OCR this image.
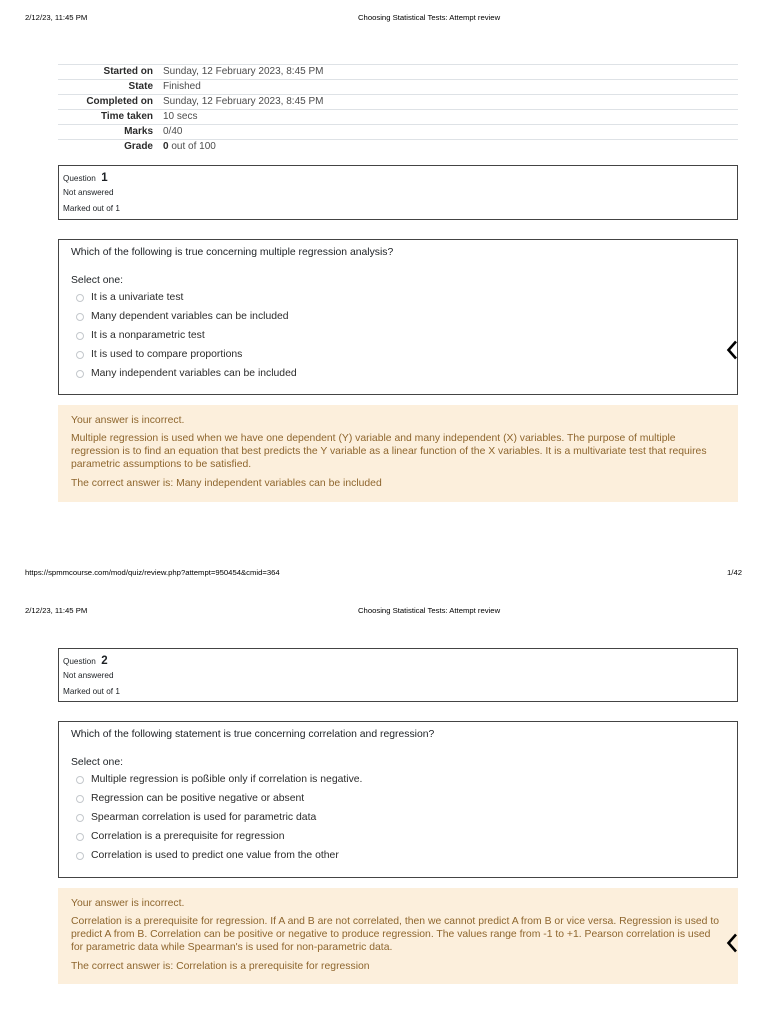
2/12/23, 11:45 PM	Choosing Statistical Tests: Attempt review
Started on Sunday, 12 February 2023, 8:45 PM
State Finished
Completed on Sunday, 12 February 2023, 8:45 PM
Time taken 10 secs
Marks 0/40
Grade 0 out of 100
Question 1
Not answered
Marked out of 1
Which of the following is true concerning multiple regression analysis?
Select one:
It is a univariate test
Many dependent variables can be included
It is a nonparametric test
It is used to compare proportions
Many independent variables can be included
Your answer is incorrect.
Multiple regression is used when we have one dependent (Y) variable and many independent (X) variables. The purpose of multiple regression is to find an equation that best predicts the Y variable as a linear function of the X variables. It is a multivariate test that requires parametric assumptions to be satisfied.
The correct answer is: Many independent variables can be included
https://spmmcourse.com/mod/quiz/review.php?attempt=950454&cmid=364	1/42
2/12/23, 11:45 PM	Choosing Statistical Tests: Attempt review
Question 2
Not answered
Marked out of 1
Which of the following statement is true concerning correlation and regression?
Select one:
Multiple regression is poßible only if correlation is negative.
Regression can be positive negative or absent
Spearman correlation is used for parametric data
Correlation is a prerequisite for regression
Correlation is used to predict one value from the other
Your answer is incorrect.
Correlation is a prerequisite for regression. If A and B are not correlated, then we cannot predict A from B or vice versa. Regression is used to predict A from B. Correlation can be positive or negative to produce regression. The values range from -1 to +1. Pearson correlation is used for parametric data while Spearman's is used for non-parametric data.
The correct answer is: Correlation is a prerequisite for regression
